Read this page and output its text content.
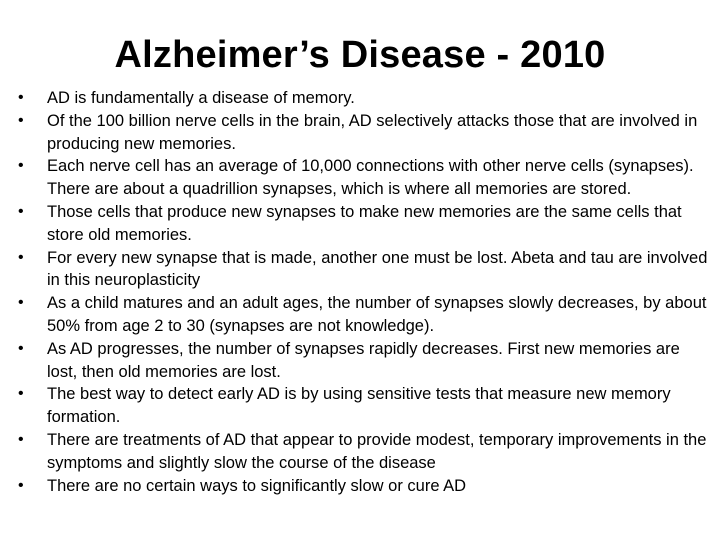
Alzheimer’s Disease - 2010
•	AD is fundamentally a disease of memory.
•	Of the 100 billion nerve cells in the brain, AD selectively attacks those that are involved in producing new memories.
•	Each nerve cell has an average of 10,000 connections with other nerve cells (synapses). There are about a quadrillion synapses, which is where all memories are stored.
•	Those cells that produce new synapses to make new memories are the same cells that store old memories.
•	For every new synapse that is made, another one must be lost. Abeta and tau are involved in this neuroplasticity
•	As a child matures and an adult ages, the number of synapses slowly decreases, by about 50% from age 2 to 30 (synapses are not knowledge).
•	As AD progresses, the number of synapses rapidly decreases. First new memories are lost, then old memories are lost.
•	The best way to detect early AD is by using sensitive tests that measure new memory formation.
•	There are treatments of AD that appear to provide modest, temporary improvements in the symptoms and slightly slow the course of the disease
•	There are no certain ways to significantly slow or cure AD
